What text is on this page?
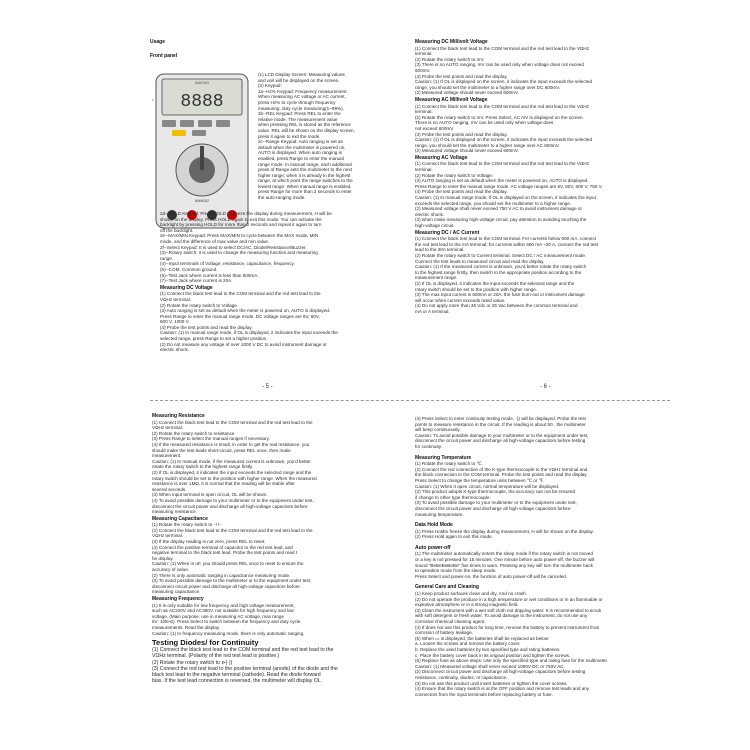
Usage

Front panel

ANENG
8888
AN8002

(1) LCD Display Screen: Measuring values

and unit will be displayed on the screen.

(2) Keypad:

2a--Hz% Keypad: Frequency measurement.

When measuring AC voltage or AC current,

press Hz% to cycle through frequency

measuring, duty cycle measuring(1~99%).

2b--REL Keypad: Press REL to enter the

relative mode. The measurement value

when pressing REL is stored as the reference

value. REL will be shown on the display screen,

press it again to exit the mode.

2c--Range Keypad: Auto ranging is set as

default when the multimeter is powered on,

AUTO is displayed. When auto ranging is

enabled, press Range to enter the manual

range mode. In manual range, each additional

press of Range sets the multimeter to the next

higher range; when it is already in the highest

range, at which point the range switches to the

lowest range. When manual range is enabled,

press Range for more than 2 seconds to enter

the auto-ranging mode.

2d--HOLD Keypad: Press HOLD to freeze the display during measurement, H will be

shown on the display. Press HOLD again to exit this mode. You can activate the

backlight by pressing HOLD for more than 2 seconds and repeat it again to turn

off the backlight.

2e--MAX/MIN Keypad: Press MAX/MIN to cycle between the MAX mode, MIN

mode, and the difference of max value and min value.

2f--Select Keypad: It is used to select DC/AC, Diode/Resistance/Buzzer.

(3)--Rotary switch: it is used to change the measuring function and measuring

range.

(4)--Input terminals of Voltage, resistance, capacitance, frequency.

(5)--COM, Common ground.

(6)--Test Jack where current is less than 600mA.

(7)--Test Jack where current is 20A.

Measuring DC Voltage

(1) Connect the black test lead to the COM terminal and the red test lead to the

VΩHz terminal.

(2) Rotate the rotary switch to Voltage.

(3) Auto ranging is set as default when the meter is powered on, AUTO is displayed.

Press Range to enter the manual range mode. DC voltage ranges are 6V, 60V,

600 V, 1000 V.

(4) Probe the test points and read the display.

Caution: (1) In manual range mode, if OL is displayed, it indicates the input exceeds the

selected range, press Range to set a higher position.

(2) Do not measure any voltage of over 1000 V DC to avoid instrument damage or

electric shock.

Measuring DC Millivolt Voltage

(1) Connect the black test lead to the COM terminal and the red test lead to the VΩHz

terminal.

(2) Rotate the rotary switch to mV.

(3) There is no AUTO ranging, mV can be used only when voltage does not exceed

600mV.

(4) Probe the test points and read the display.

Caution: (1) If OL is displayed on the screen, it indicates the input exceeds the selected

range, you should set the multimeter to a higher range over DC 600mV.

(2) Measured voltage should never exceed 600mV.

Measuring AC Millivolt Voltage

(1) Connect the black test lead to the COM terminal and the red test lead to the VΩHz

terminal.

(2) Rotate the rotary switch to mV. Press Select, AC mV is displayed on the screen.

There is no AUTO ranging, mV can be used only when voltage does

not exceed 600mV

(3) Probe the test points and read the display.

Caution: (1) If OL is displayed on the screen, it indicates the input exceeds the selected

range, you should set the multimeter to a higher range over AC 600mV.

(2) Measured voltage should never exceed 600mV.

Measuring AC Voltage

(1) Connect the black test lead to the COM terminal and the red test lead to the VΩHz

terminal.

(2) Rotate the rotary switch to Voltage.

(3) AUTO ranging is set as default when the meter is powered on, AUTO is displayed.

Press Range to enter the manual range mode. AC voltage ranges are 6V, 60V, 600 V, 750 V.

(4) Probe the test points and read the display.

Caution: (1) In manual range mode, if OL is displayed on the screen, it indicates the input

exceeds the selected range, you should set the multimeter to a higher range.

(2) Measured voltage shall never exceed 750 V AC to avoid instrument damage or

electric shock.

(3) when make measuring high-voltage circuit, pay attention to avoiding touching the

high-voltage circuit.

Measuring DC / AC Current

(1) Connect the black test lead to the COM terminal. For currents below 600 mA, connect

the red test lead to the mA terminal; for currents within 600 mA ~20 A, connect the red test

lead to the 20A terminal.

(2) Rotate the rotary switch to Current terminal. Select DC / AC measurement mode.

Connect the test leads to measured circuit and read the display.

Caution: (1) If the measured current is unknown, you'd better rotate the rotary switch

to the highest range firstly, then switch to the appropriate position according to the

measurement range.

(2) If OL is displayed, it indicates the input exceeds the selected range and the

rotary switch should be set to the position with higher range.

(3) The max input current is 600mA or 20A, the fuse burn-out or instrument damage

will occur when current exceeds rated value.

(4) Do not apply more than 36 Vdc or 25 Vac between the common terminal and

mA or A terminal.

- 5 -	- 6 -

Measuring Resistance

(1) Connect the black test lead to the COM terminal and the red test lead to the

VΩHz terminal.

(2) Rotate the rotary switch to resistance

(3) Press Range to select the manual ranges if necessary.

(4) If the measured resistance is small, in order to get the real resistance, you

should make the test leads short-circuit, press REL once, then make

measurement.

Caution: (1) In manual mode, if the measured current is unknown, you'd better

rotate the rotary switch to the highest range firstly.

(2) If OL is displayed, it indicates the input exceeds the selected range and the

rotary switch should be set to the position with higher range. When the measured

resistance is over 1MΩ, it is normal that the reading will be stable after

several seconds.

(3) When input terminal is open circuit, OL will be shown.

(4) To avoid possible damage to your multimeter or to the equipment under test,

disconnect the circuit power and discharge all high-voltage capacitors before

measuring resistance.

Measuring Capacitance

(1) Rotate the rotary switch to ⊣⊢

(2) Connect the black test lead to the COM terminal and the red test lead to the

VΩHz terminal.

(3) If the display reading is not zero, press REL to reset.

(4) Connect the positive terminal of capacitor to the red test lead, and

negative terminal to the black test lead. Probe the test points and read t

he display.

Caution: (1) When in uF, you should press REL once to reset to ensure the

accuracy of value.

(2) There is only automatic ranging in capacitance measuring mode.

(3) To avoid possible damage to the multimeter or to the equipment under test,

disconnect circuit power and discharge all high-voltage capacitors before

measuring capacitance.

Measuring Frequency

(1) It is only suitable for low frequency and high voltage measurement,

such as AC220V and AC380V, not suitable for high frequency and low

voltage. (Main purpose: use in measuring AC voltage, max range

5V: 10kHz). Press Select to switch between the frequency and duty cycle

measurements. Read the display.

Caution: (1) In frequency measuring mode, there is only automatic ranging.

Testing Diodes/ for Continuity

(1) Connect the black test lead to the COM terminal and the red test lead to the

VΩHz terminal. (Polarity of the red test lead is positive.)

(2) Rotate the rotary switch to ⊳|·))

(3) Connect the red test lead to the positive terminal (anode) of the diode and the

black test lead to the negative terminal (cathode). Read the diode forward

bias. If the test lead connection is reversed, the multimeter will display OL.

(4) Press Select to enter continuity testing mode, ·)) will be displayed. Probe the test

points to measure resistance in the circuit. If the reading is about 50 , the multimeter

will beep continuously.

Caution: To avoid possible damage to your multimeter or to the equipment under test,

disconnect the circuit power and discharge all high-voltage capacitors before testing

for continuity.

Measuring Temperature

(1) Rotate the rotary switch to ℃.

(2) Connect the red connection of the K-type thermocouple to the VΩHz terminal and

the black connection to the COM terminal. Probe the test points and read the display.

Press Select to change the temperature units between ℃ or ℉.

Caution: (1) When it open circuit, normal temperature will be displayed.

(2) This product adopts K-type thermocouple, the accuracy can not be ensured

if change to other type thermocouple.

(3) To avoid possible damage to your multimeter or to the equipment under test,

disconnect the circuit power and discharge all high-voltage capacitors before

measuring temperature.

Data Hold Mode

(1) Press Holdto freeze the display during measurement, H will be shown on the display.

(2) Press Hold again to exit this mode.

Auto power-off

(1) The multimeter automatically enters the sleep mode if the rotary switch is not moved

or a key is not pressed for 15 minutes. One minute before auto power-off, the buzzer will

sound "BeBeBeBeBe" five times to warn. Pressing any key will turn the multimeter back

to operation mode from the sleep mode.

Press Select and power-on, the function of auto power-off will be canceled.

General Care and Cleaning

(1) Keep product surfaces clean and dry. And no crash.

(2) Do not operate the produce in a high temperature or wet conditions or in an flammable or

explosive atmosphere or in a strong magnetic field.

(3) Clean the instrument with a wet soft cloth not dripping water. It is recommended to scrub

with soft detergent or fresh water. To avoid damage to the instrument, do not use any

corrosive chemical cleaning agent.

(4) If does not use this product for long time, remove the battery to prevent instrument from

corrosion of battery leakage.

(5) When ▭ is displayed, the batteries shall be replaced as below:

a. Loosen the screws and remove the battery cover.

b. Replace the used batteries by two specified type and rating batteries.

c. Place the battery cover back in its original position and tighten the screws.

(6) Replace fuse as above steps. Use only the specified type and rating fuse for the multimeter.

Caution: (1) Measured voltage shall never exceed 1000V DC or 750V AC.

(2) Disconnect circuit power and discharge all high-voltage capacitors before testing

resistance, continuity, diodes, or capacitance.

(3) Do not use this product until insert batteries or tighten the cover screws.

(4) Ensure that the rotary switch is at the OFF position and remove test leads and any

connectors from the input terminals before replacing battery or fuse.
